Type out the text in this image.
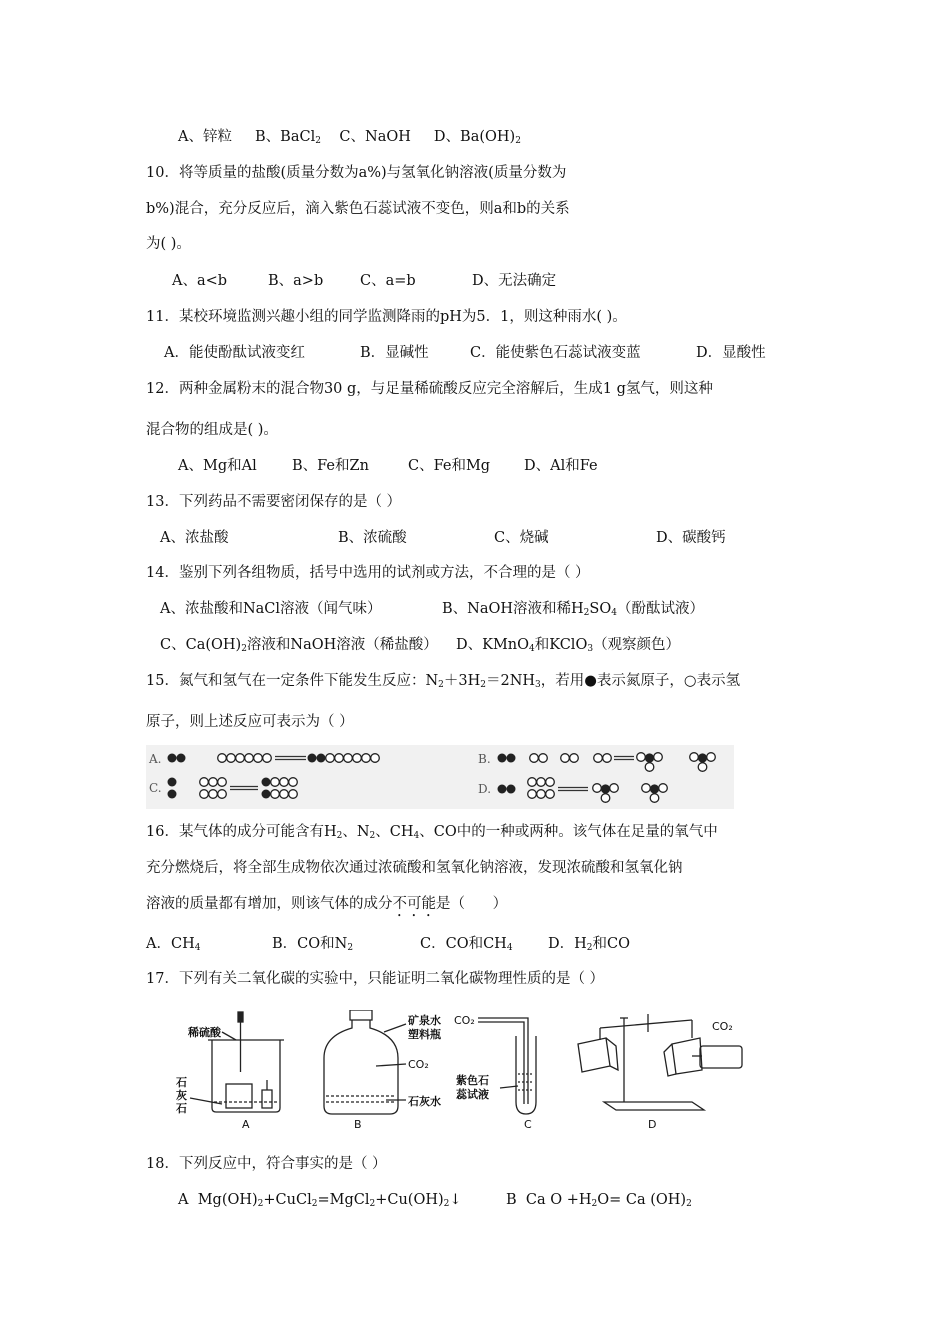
A、锌粒 B、BaCl$_2$ C、NaOH D、$Ba(OH)_2$
10．将等质量的盐酸(质量分数为a%)与氢氧化钠溶液(质量分数为
b%)混合，充分反应后，滴入紫色石蕊试液不变色，则a和b的关系
为( )。
A、a<b	B、a>b	C、a=b	D、无法确定
11．某校环境监测兴趣小组的同学监测降雨的pH为5．1，则这种雨水( )。
A．能使酚酞试液变红	B．显碱性	C．能使紫色石蕊试液变蓝	D．显酸性
12．两种金属粉末的混合物30 g，与足量稀硫酸反应完全溶解后，生成1 g氢气，则这种
混合物的组成是( )。
A、Mg和Al B、Fe和Zn	C、Fe和Mg D、Al和Fe
13．下列药品不需要密闭保存的是（ ）
A、浓盐酸	B、浓硫酸	C、烧碱	D、碳酸钙
14．鉴别下列各组物质，括号中选用的试剂或方法，不合理的是（ ）
A、浓盐酸和NaCl溶液（闻气味）	B、NaOH溶液和稀$H_2SO_4$（酚酞试液）
C、$Ca(OH)_2$溶液和NaOH溶液（稀盐酸） D、KMnO$_4$和KClO$_3$（观察颜色）
15．氮气和氢气在一定条件下能发生反应：$N_2+3H_2=2NH_3$，若用●表示氮原子，○表示氢
原子，则上述反应可表示为（ ）
A.
C.
B.
D.
16．某气体的成分可能含有$H_2$、$N_2$、$CH_4$、CO中的一种或两种。该气体在足量的氧气中
充分燃烧后，将全部生成物依次通过浓硫酸和氢氧化钠溶液，发现浓硫酸和氢氧化钠
溶液的质量都有增加，则该气体的成分不可能是（      ）
A．$CH_4$	B．CO和$N_2$	C．CO和$CH_4$ D．$H_2$和CO
17．下列有关二氧化碳的实验中，只能证明二氧化碳物理性质的是（ ）
稀硫酸
石
灰
石
A
矿泉水
塑料瓶
CO₂
石灰水
B
CO₂
紫色石
蕊试液
C
CO₂
D
18．下列反应中，符合事实的是（ ）
A  $Mg(OH)_2+CuCl_2=MgCl_2+Cu(OH)_2↓$	B  Ca $O +H_2O= Ca$ $(OH)_2$
